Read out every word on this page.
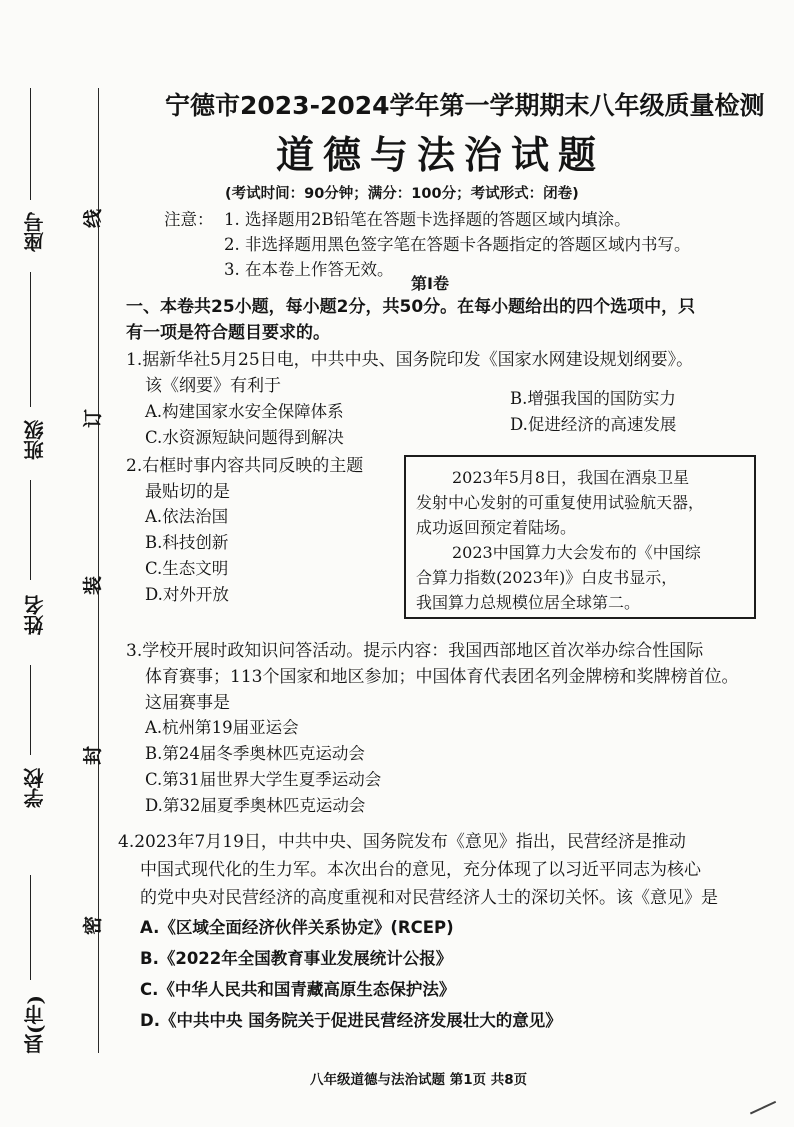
座号
班级
姓名
学校
县(市)
线
订
装
封
密
宁德市2023-2024学年第一学期期末八年级质量检测
道德与法治试题
(考试时间：90分钟；满分：100分；考试形式：闭卷)
注意： 1. 选择题用2B铅笔在答题卡选择题的答题区域内填涂。
2. 非选择题用黑色签字笔在答题卡各题指定的答题区域内书写。
3. 在本卷上作答无效。
第Ⅰ卷
一、本卷共25小题，每小题2分，共50分。在每小题给出的四个选项中，只
有一项是符合题目要求的。
1.据新华社5月25日电，中共中央、国务院印发《国家水网建设规划纲要》。
该《纲要》有利于
A.构建国家水安全保障体系
B.增强我国的国防实力
C.水资源短缺问题得到解决
D.促进经济的高速发展
2.右框时事内容共同反映的主题
最贴切的是
A.依法治国
B.科技创新
C.生态文明
D.对外开放
2023年5月8日，我国在酒泉卫星
发射中心发射的可重复使用试验航天器，
成功返回预定着陆场。
2023中国算力大会发布的《中国综
合算力指数(2023年)》白皮书显示，
我国算力总规模位居全球第二。
3.学校开展时政知识问答活动。提示内容：我国西部地区首次举办综合性国际
体育赛事；113个国家和地区参加；中国体育代表团名列金牌榜和奖牌榜首位。
这届赛事是
A.杭州第19届亚运会
B.第24届冬季奥林匹克运动会
C.第31届世界大学生夏季运动会
D.第32届夏季奥林匹克运动会
4.2023年7月19日，中共中央、国务院发布《意见》指出，民营经济是推动
中国式现代化的生力军。本次出台的意见，充分体现了以习近平同志为核心
的党中央对民营经济的高度重视和对民营经济人士的深切关怀。该《意见》是
A.《区域全面经济伙伴关系协定》(RCEP)
B.《2022年全国教育事业发展统计公报》
C.《中华人民共和国青藏高原生态保护法》
D.《中共中央 国务院关于促进民营经济发展壮大的意见》
八年级道德与法治试题 第1页 共8页
